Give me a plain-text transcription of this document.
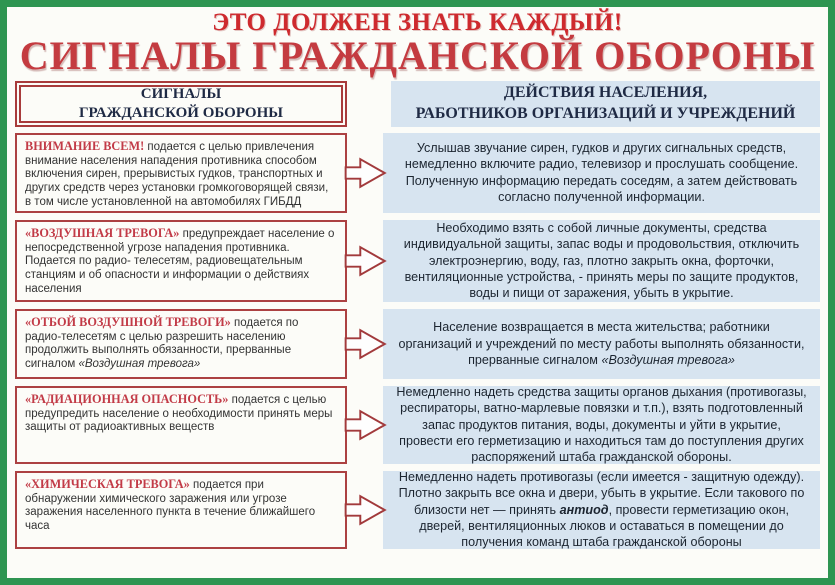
ЭТО ДОЛЖЕН ЗНАТЬ КАЖДЫЙ!
СИГНАЛЫ ГРАЖДАНСКОЙ ОБОРОНЫ
СИГНАЛЫ
ГРАЖДАНСКОЙ ОБОРОНЫ
ДЕЙСТВИЯ НАСЕЛЕНИЯ,
РАБОТНИКОВ ОРГАНИЗАЦИЙ И УЧРЕЖДЕНИЙ
ВНИМАНИЕ ВСЕМ! подается с целью привлечения внимание населения нападения противника способом включения сирен, прерывистых гудков, транспортных и других средств через установки громкоговорящей связи, в том числе установленной на автомобилях ГИБДД
Услышав звучание сирен, гудков и других сигнальных средств, немедленно включите радио, телевизор и прослушать сообщение. Полученную информацию передать соседям, а затем действовать согласно полученной информации.
«ВОЗДУШНАЯ ТРЕВОГА» предупреждает население о непосредственной угрозе нападения противника. Подается по радио- телесетям, радиовещательным станциям и об опасности и информации о действиях населения
Необходимо взять с собой личные документы, средства индивидуальной защиты, запас воды и продовольствия, отключить электроэнергию, воду, газ, плотно закрыть окна, форточки, вентиляционные устройства, - принять меры по защите продуктов, воды и пищи от заражения, убыть в укрытие.
«ОТБОЙ ВОЗДУШНОЙ ТРЕВОГИ» подается по радио-телесетям с целью разрешить населению продолжить выполнять обязанности, прерванные сигналом «Воздушная тревога»
Население возвращается в места жительства; работники организаций и учреждений по месту работы выполнять обязанности, прерванные сигналом «Воздушная тревога»
«РАДИАЦИОННАЯ ОПАСНОСТЬ» подается с целью предупредить население о необходимости принять меры защиты от радиоактивных веществ
Немедленно надеть средства защиты органов дыхания (противогазы, респираторы, ватно-марлевые повязки и т.п.), взять подготовленный запас продуктов питания, воды, документы и уйти в укрытие, провести его герметизацию и находиться там до поступления других распоряжений штаба гражданской обороны.
«ХИМИЧЕСКАЯ ТРЕВОГА» подается при обнаружении химического заражения или угрозе заражения населенного пункта в течение ближайшего часа
Немедленно надеть противогазы (если имеется - защитную одежду). Плотно закрыть все окна и двери, убыть в укрытие. Если такового по близости нет — принять антиод, провести герметизацию окон, дверей, вентиляционных люков и оставаться в помещении до получения команд штаба гражданской обороны
